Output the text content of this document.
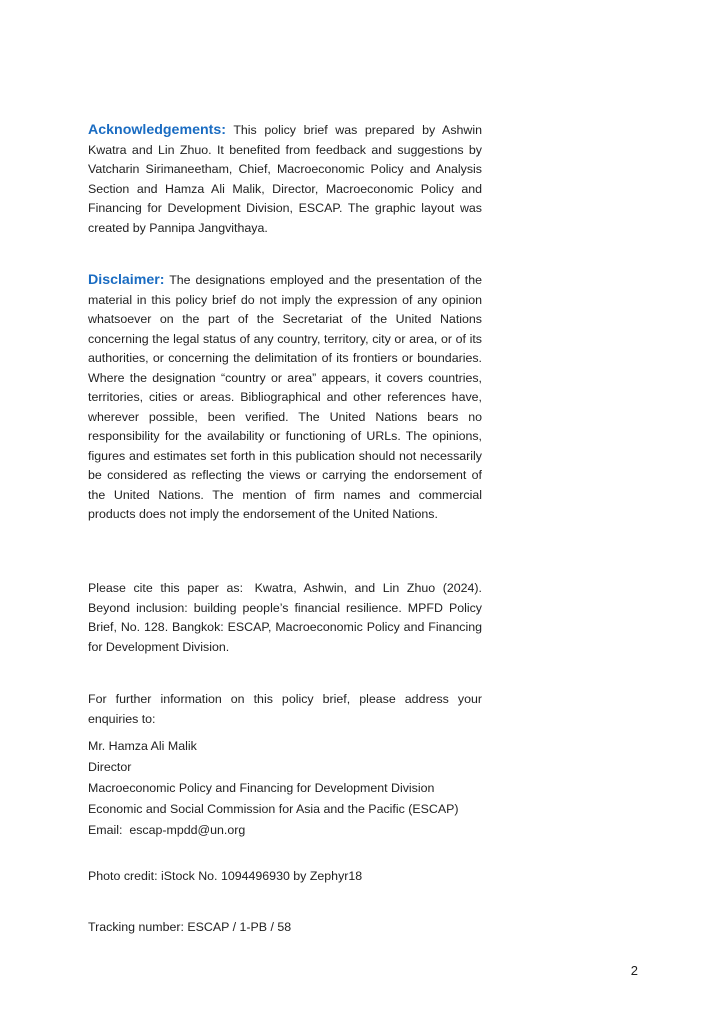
Acknowledgements: This policy brief was prepared by Ashwin Kwatra and Lin Zhuo. It benefited from feedback and suggestions by Vatcharin Sirimaneetham, Chief, Macroeconomic Policy and Analysis Section and Hamza Ali Malik, Director, Macroeconomic Policy and Financing for Development Division, ESCAP. The graphic layout was created by Pannipa Jangvithaya.

Disclaimer: The designations employed and the presentation of the material in this policy brief do not imply the expression of any opinion whatsoever on the part of the Secretariat of the United Nations concerning the legal status of any country, territory, city or area, or of its authorities, or concerning the delimitation of its frontiers or boundaries. Where the designation “country or area” appears, it covers countries, territories, cities or areas. Bibliographical and other references have, wherever possible, been verified. The United Nations bears no responsibility for the availability or functioning of URLs. The opinions, figures and estimates set forth in this publication should not necessarily be considered as reflecting the views or carrying the endorsement of the United Nations. The mention of firm names and commercial products does not imply the endorsement of the United Nations.

Please cite this paper as: Kwatra, Ashwin, and Lin Zhuo (2024). Beyond inclusion: building people’s financial resilience. MPFD Policy Brief, No. 128. Bangkok: ESCAP, Macroeconomic Policy and Financing for Development Division.

For further information on this policy brief, please address your enquiries to:

Mr. Hamza Ali Malik
Director
Macroeconomic Policy and Financing for Development Division
Economic and Social Commission for Asia and the Pacific (ESCAP)
Email: escap-mpdd@un.org
Photo credit: iStock No. 1094496930 by Zephyr18
Tracking number: ESCAP / 1-PB / 58
2
